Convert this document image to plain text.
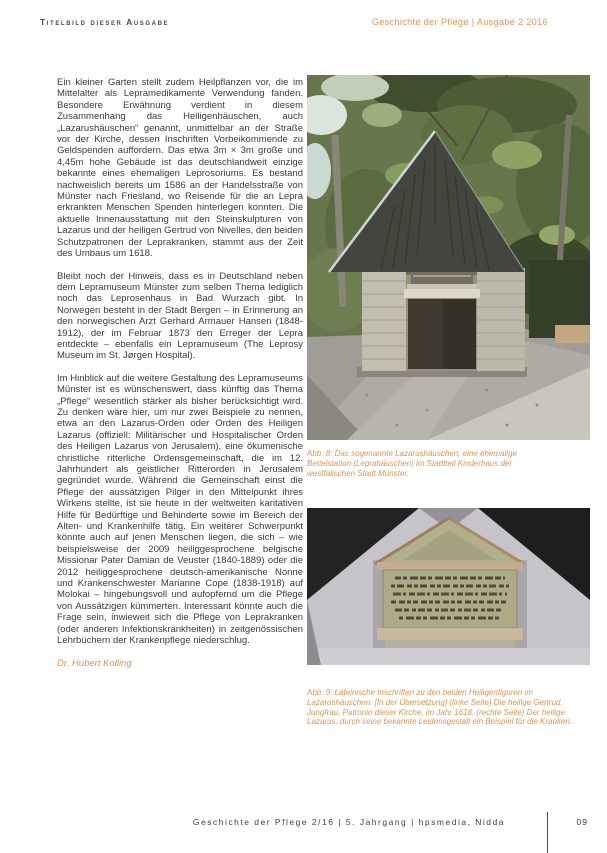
Titelbild dieser Ausgabe	Geschichte der Pflege | Ausgabe 2 2016

Ein kleiner Garten stellt zudem Heilpflanzen vor, die im Mittelalter als Lepramedikamente Verwendung fanden. Besondere Erwähnung verdient in diesem Zusammenhang das Heiligenhäuschen, auch „Lazarushäuschen“ genannt, unmittelbar an der Straße vor der Kirche, dessen Inschriften Vorbeikommende zu Geldspenden auffordern. Das etwa 3m × 3m große und 4,45m hohe Gebäude ist das deutschlandweit einzige bekannte eines ehemaligen Leprosoriums. Es bestand nachweislich bereits um 1586 an der Handelsstraße von Münster nach Friesland, wo Reisende für die an Lepra erkrankten Menschen Spenden hinterlegen konnten. Die aktuelle Innenausstattung mit den Steinskulpturen von Lazarus und der heiligen Gertrud von Nivelles, den beiden Schutzpatronen der Leprakranken, stammt aus der Zeit des Umbaus um 1618.

Bleibt noch der Hinweis, dass es in Deutschland neben dem Lepramuseum Münster zum selben Thema lediglich noch das Leprosenhaus in Bad Wurzach gibt. In Norwegen besteht in der Stadt Bergen – in Erinnerung an den norwegischen Arzt Gerhard Armauer Hansen (1848-1912), der im Februar 1873 den Erreger der Lepra entdeckte – ebenfalls ein Lepramuseum (The Leprosy Museum im St. Jørgen Hospital).

Im Hinblick auf die weitere Gestaltung des Lepramuseums Münster ist es wünschenswert, dass künftig das Thema „Pflege“ wesentlich stärker als bisher berücksichtigt wird. Zu denken wäre hier, um nur zwei Beispiele zu nennen, etwa an den Lazarus-Orden oder Orden des Heiligen Lazarus (offiziell: Militärischer und Hospitalischer Orden des Heiligen Lazarus von Jerusalem), eine ökumenische christliche ritterliche Ordensgemeinschaft, die im 12. Jahrhundert als geistlicher Ritterorden in Jerusalem gegründet wurde. Während die Gemeinschaft einst die Pflege der aussätzigen Pilger in den Mittelpunkt ihres Wirkens stellte, ist sie heute in der weltweiten karitativen Hilfe für Bedürftige und Behinderte sowie im Bereich der Alten- und Krankenhilfe tätig. Ein weiterer Schwerpunkt könnte auch auf jenen Menschen liegen, die sich – wie beispielsweise der 2009 heiliggesprochene belgische Missionar Pater Damian de Veuster (1840-1889) oder die 2012 heiliggesprochene deutsch-amerikanische Nonne und Krankenschwester Marianne Cope (1838-1918) auf Molokai – hingebungsvoll und aufopfernd um die Pflege von Aussätzigen kümmerten. Interessant könnte auch die Frage sein, inwieweit sich die Pflege von Leprakranken (oder anderen Infektionskrankheiten) in zeitgenössischen Lehrbüchern der Krankenpflege niederschlug.

Dr. Hubert Kolling

Abb. 8: Das sogenannte Lazarushäuschen, eine ehemalige Bettelstation (Leprahäuschen) im Stadtteil Kinderhaus der westfälischen Stadt Münster.
Abb. 9: Lateinische Inschriften zu den beiden Heiligenfiguren im Lazarushäuschen. [In der Übersetzung] (linke Seite) Die heilige Gertrud, Jungfrau, Patronin dieser Kirche, im Jahr 1618. (rechte Seite) Der heilige Lazarus, durch seine bekannte Leidensgestalt ein Beispiel für die Kranken.
Geschichte der Pflege 2/16 | 5. Jahrgang | hpsmedia, Nidda	09
